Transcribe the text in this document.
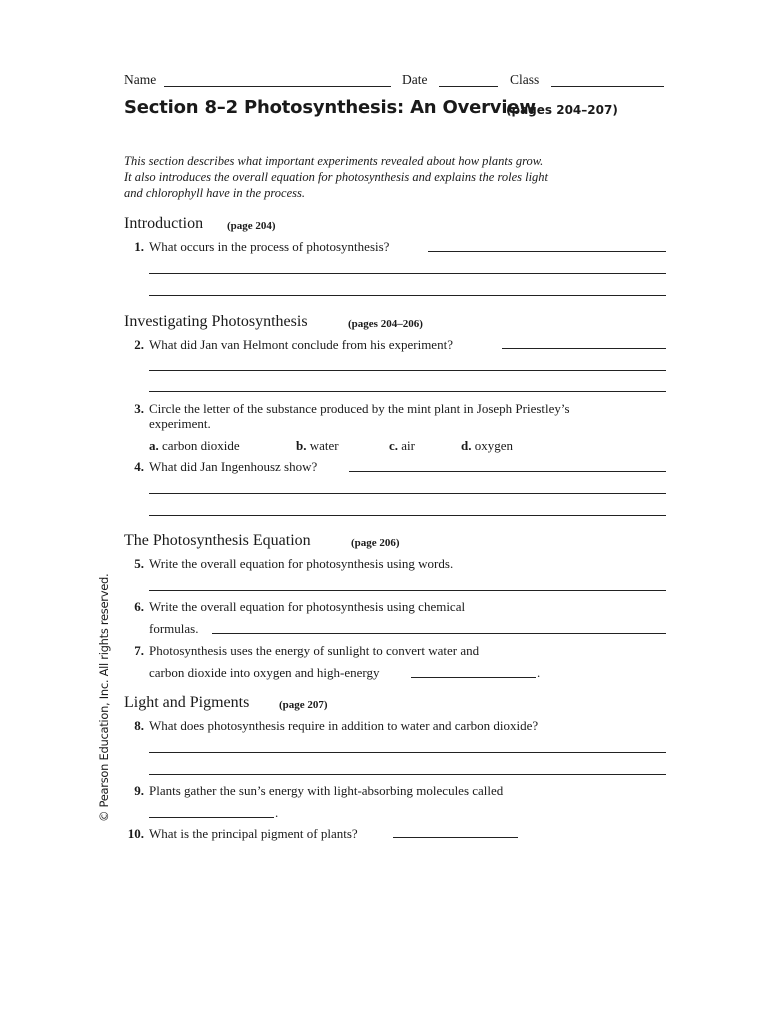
Name	Date	Class
Section 8–2 Photosynthesis: An Overview
(pages 204–207)
This section describes what important experiments revealed about how plants grow. It also introduces the overall equation for photosynthesis and explains the roles light and chlorophyll have in the process.
Introduction (page 204)
1. What occurs in the process of photosynthesis?
Investigating Photosynthesis	(pages 204–206)
2. What did Jan van Helmont conclude from his experiment?
3. Circle the letter of the substance produced by the mint plant in Joseph Priestley’s
experiment.
a. carbon dioxide	b. water	c. air	d. oxygen
4. What did Jan Ingenhousz show?
The Photosynthesis Equation	(page 206)
5. Write the overall equation for photosynthesis using words.
6. Write the overall equation for photosynthesis using chemical
formulas.
7. Photosynthesis uses the energy of sunlight to convert water and
carbon dioxide into oxygen and high-energy	.
Light and Pigments	(page 207)
8. What does photosynthesis require in addition to water and carbon dioxide?
9. Plants gather the sun’s energy with light-absorbing molecules called
.
10. What is the principal pigment of plants?
© Pearson Education, Inc. All rights reserved.
